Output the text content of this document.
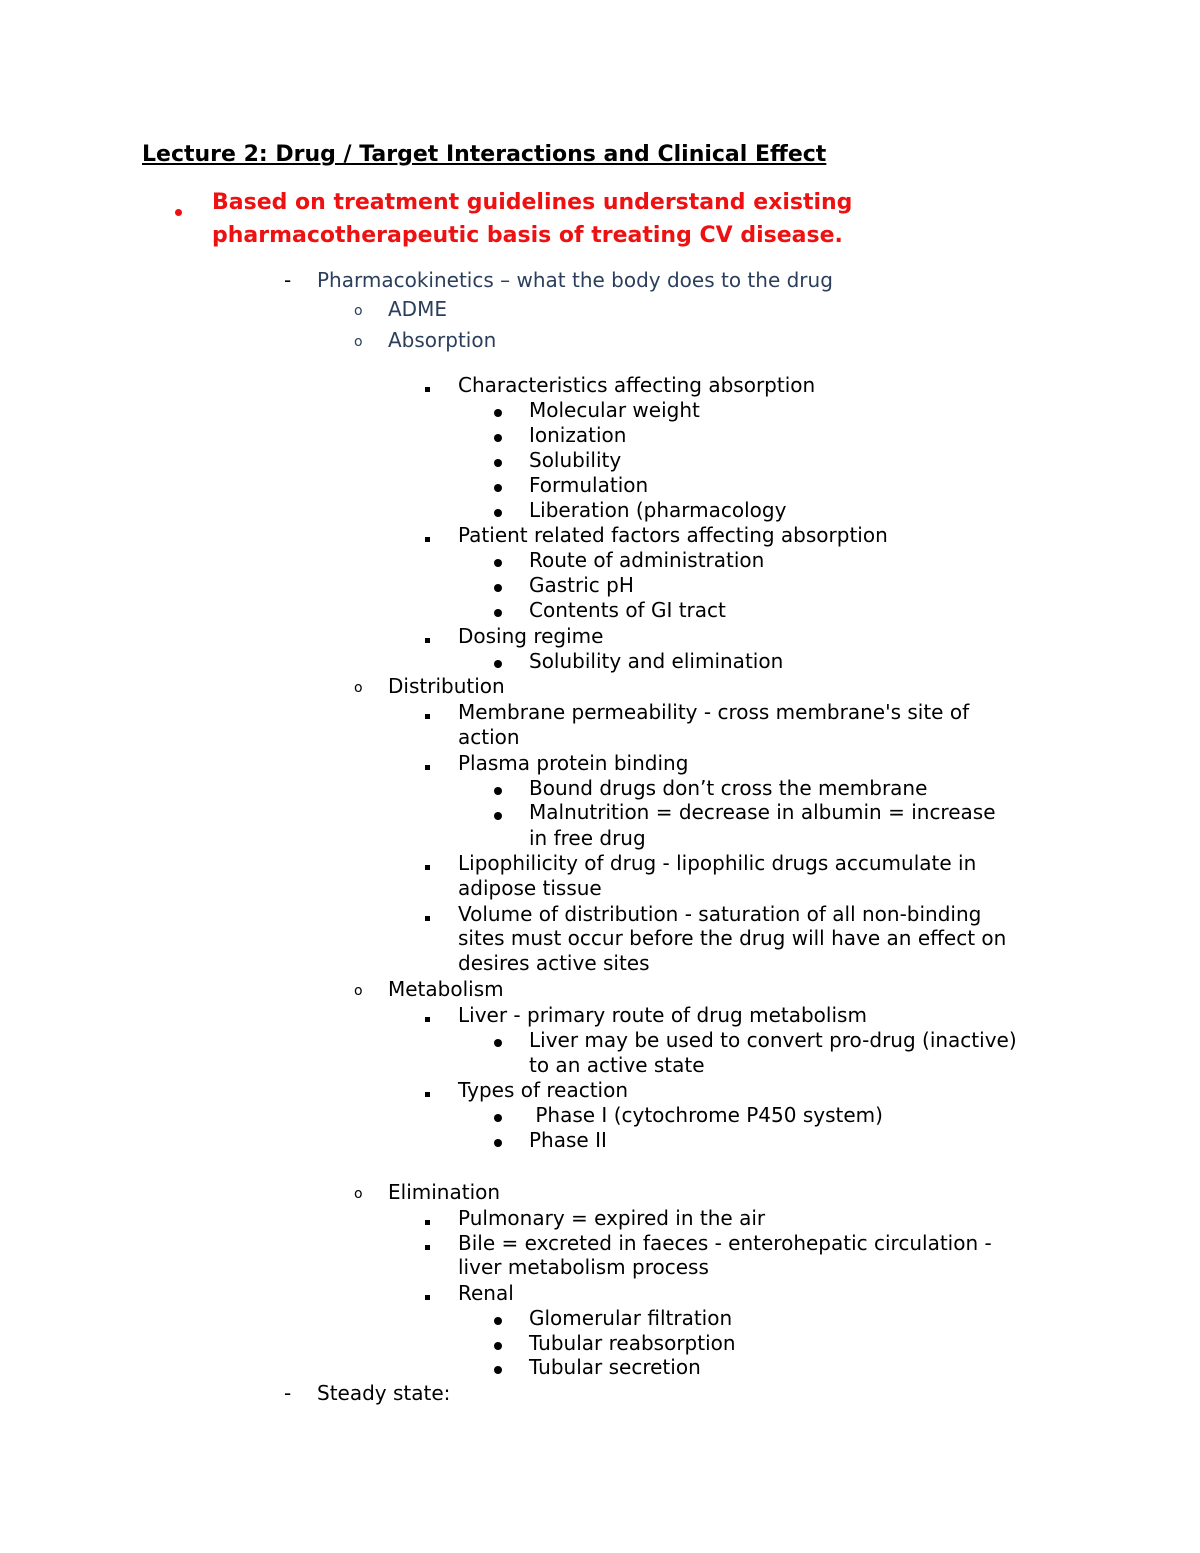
Lecture 2: Drug / Target Interactions and Clinical Effect
Based on treatment guidelines understand existing
pharmacotherapeutic basis of treating CV disease.
- Pharmacokinetics – what the body does to the drug
o ADME
o Absorption
Characteristics affecting absorption
Molecular weight
Ionization
Solubility
Formulation
Liberation (pharmacology
Patient related factors affecting absorption
Route of administration
Gastric pH
Contents of GI tract
Dosing regime
Solubility and elimination
o Distribution
Membrane permeability - cross membrane's site of
action
Plasma protein binding
Bound drugs don’t cross the membrane
Malnutrition = decrease in albumin = increase
in free drug
Lipophilicity of drug - lipophilic drugs accumulate in
adipose tissue
Volume of distribution - saturation of all non-binding
sites must occur before the drug will have an effect on
desires active sites
o Metabolism
Liver - primary route of drug metabolism
Liver may be used to convert pro-drug (inactive)
to an active state
Types of reaction
Phase I (cytochrome P450 system)
Phase II
o Elimination
Pulmonary = expired in the air
Bile = excreted in faeces - enterohepatic circulation -
liver metabolism process
Renal
Glomerular filtration
Tubular reabsorption
Tubular secretion
- Steady state:
